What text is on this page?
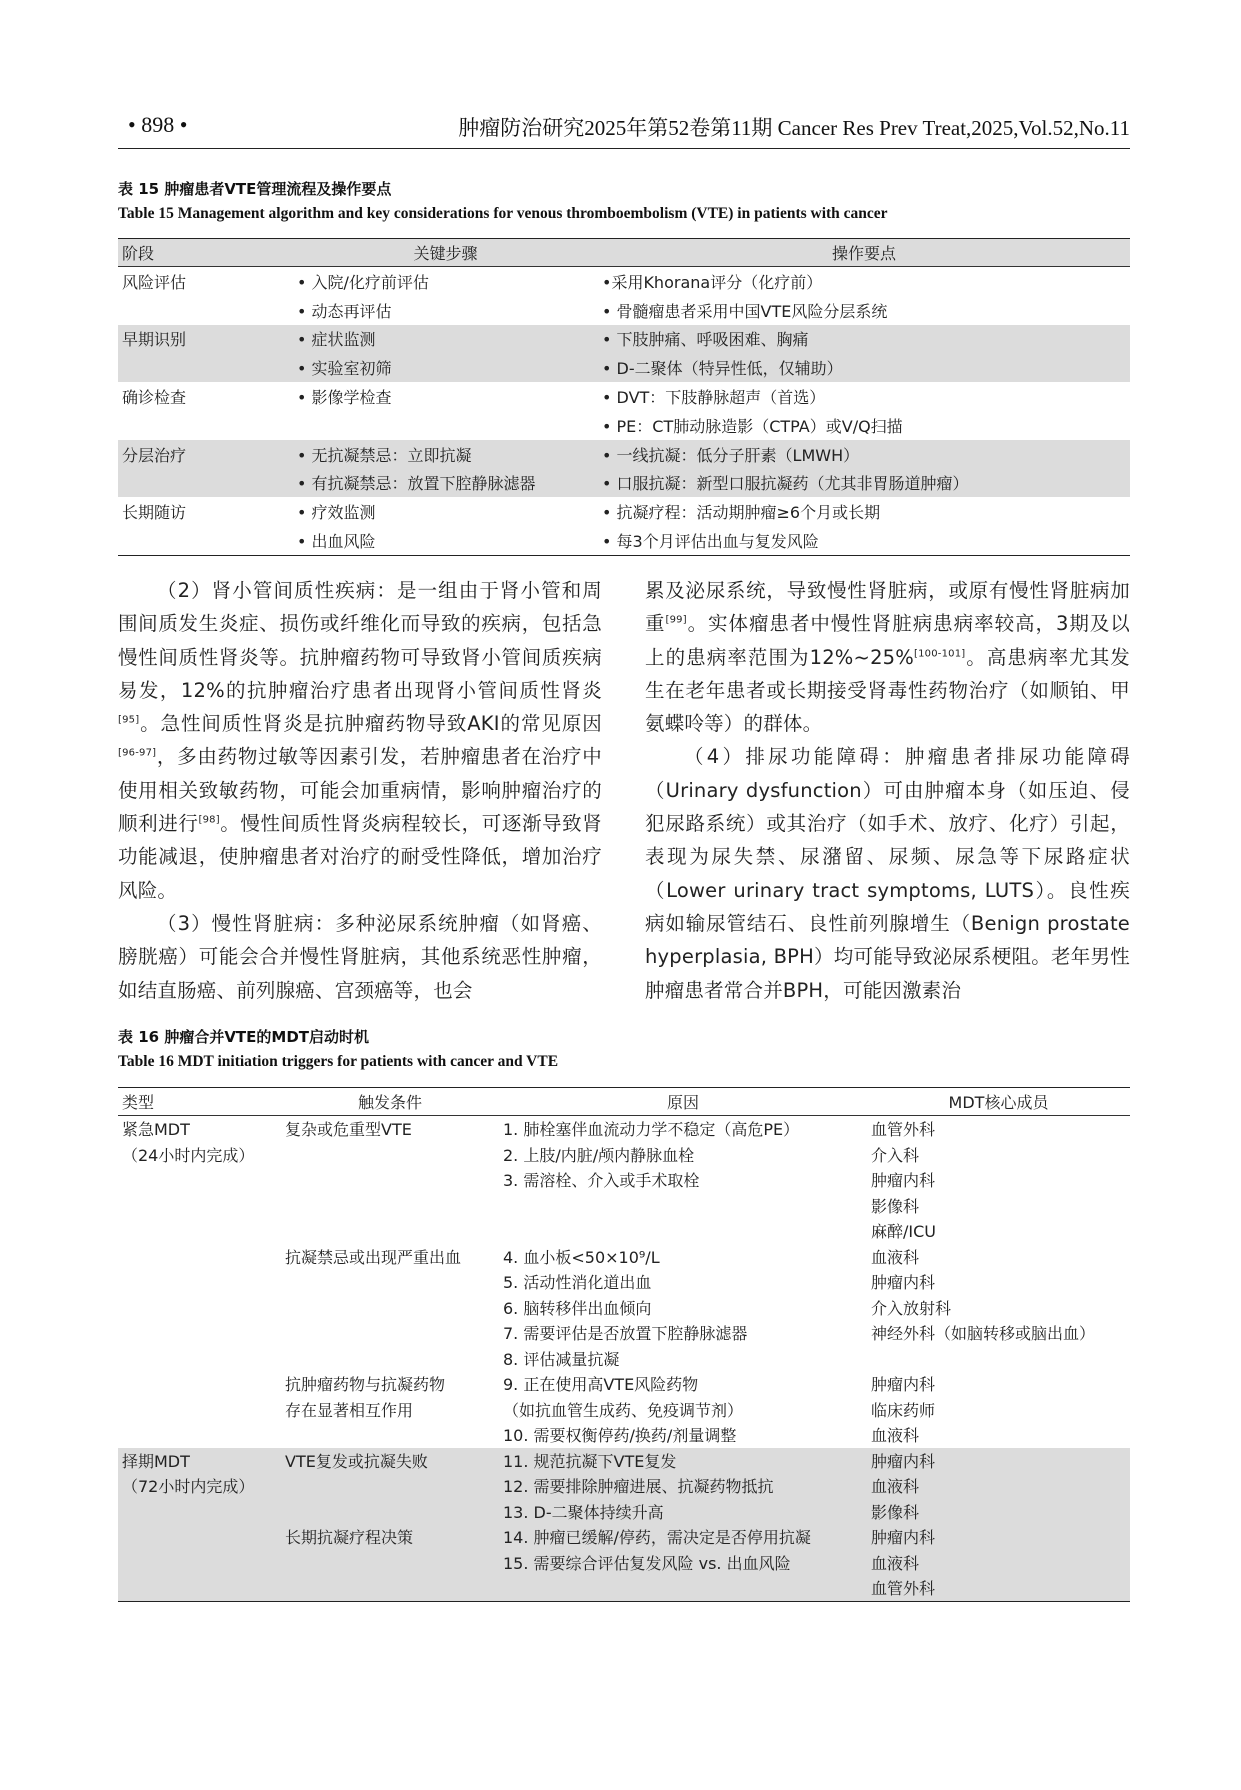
• 898 •	肿瘤防治研究2025年第52卷第11期 Cancer Res Prev Treat,2025,Vol.52,No.11
表 15 肿瘤患者VTE管理流程及操作要点
Table 15 Management algorithm and key considerations for venous thromboembolism (VTE) in patients with cancer
阶段	关键步骤	操作要点
风险评估	• 入院/化疗前评估	•采用Khorana评分（化疗前）
	• 动态再评估	• 骨髓瘤患者采用中国VTE风险分层系统
早期识别	• 症状监测	• 下肢肿痛、呼吸困难、胸痛
	• 实验室初筛	• D-二聚体（特异性低，仅辅助）
确诊检查	• 影像学检查	• DVT：下肢静脉超声（首选）
		• PE：CT肺动脉造影（CTPA）或V/Q扫描
分层治疗	• 无抗凝禁忌：立即抗凝	• 一线抗凝：低分子肝素（LMWH）
	• 有抗凝禁忌：放置下腔静脉滤器	• 口服抗凝：新型口服抗凝药（尤其非胃肠道肿瘤）
长期随访	• 疗效监测	• 抗凝疗程：活动期肿瘤≥6个月或长期
	• 出血风险	• 每3个月评估出血与复发风险

（2）肾小管间质性疾病：是一组由于肾小管和周围间质发生炎症、损伤或纤维化而导致的疾病，包括急慢性间质性肾炎等。抗肿瘤药物可导致肾小管间质疾病易发，12%的抗肿瘤治疗患者出现肾小管间质性肾炎[95]。急性间质性肾炎是抗肿瘤药物导致AKI的常见原因[96-97]，多由药物过敏等因素引发，若肿瘤患者在治疗中使用相关致敏药物，可能会加重病情，影响肿瘤治疗的顺利进行[98]。慢性间质性肾炎病程较长，可逐渐导致肾功能减退，使肿瘤患者对治疗的耐受性降低，增加治疗风险。

（3）慢性肾脏病：多种泌尿系统肿瘤（如肾癌、膀胱癌）可能会合并慢性肾脏病，其他系统恶性肿瘤，如结直肠癌、前列腺癌、宫颈癌等，也会

累及泌尿系统，导致慢性肾脏病，或原有慢性肾脏病加重[99]。实体瘤患者中慢性肾脏病患病率较高，3期及以上的患病率范围为12%~25%[100-101]。高患病率尤其发生在老年患者或长期接受肾毒性药物治疗（如顺铂、甲氨蝶呤等）的群体。

（4）排尿功能障碍：肿瘤患者排尿功能障碍（Urinary dysfunction）可由肿瘤本身（如压迫、侵犯尿路系统）或其治疗（如手术、放疗、化疗）引起，表现为尿失禁、尿潴留、尿频、尿急等下尿路症状（Lower urinary tract symptoms, LUTS）。良性疾病如输尿管结石、良性前列腺增生（Benign prostate hyperplasia, BPH）均可能导致泌尿系梗阻。老年男性肿瘤患者常合并BPH，可能因激素治

表 16 肿瘤合并VTE的MDT启动时机
Table 16 MDT initiation triggers for patients with cancer and VTE
类型	触发条件	原因	MDT核心成员
紧急MDT	复杂或危重型VTE	1. 肺栓塞伴血流动力学不稳定（高危PE）	血管外科
（24小时内完成）		2. 上肢/内脏/颅内静脉血栓	介入科
		3. 需溶栓、介入或手术取栓	肿瘤内科
			影像科
			麻醉/ICU
	抗凝禁忌或出现严重出血	4. 血小板<50×10⁹/L	血液科
		5. 活动性消化道出血	肿瘤内科
		6. 脑转移伴出血倾向	介入放射科
		7. 需要评估是否放置下腔静脉滤器	神经外科（如脑转移或脑出血）
		8. 评估减量抗凝	
	抗肿瘤药物与抗凝药物	9. 正在使用高VTE风险药物	肿瘤内科
	存在显著相互作用	（如抗血管生成药、免疫调节剂）	临床药师
		10. 需要权衡停药/换药/剂量调整	血液科
择期MDT	VTE复发或抗凝失败	11. 规范抗凝下VTE复发	肿瘤内科
（72小时内完成）		12. 需要排除肿瘤进展、抗凝药物抵抗	血液科
		13. D-二聚体持续升高	影像科
	长期抗凝疗程决策	14. 肿瘤已缓解/停药，需决定是否停用抗凝	肿瘤内科
		15. 需要综合评估复发风险 vs. 出血风险	血液科
			血管外科
